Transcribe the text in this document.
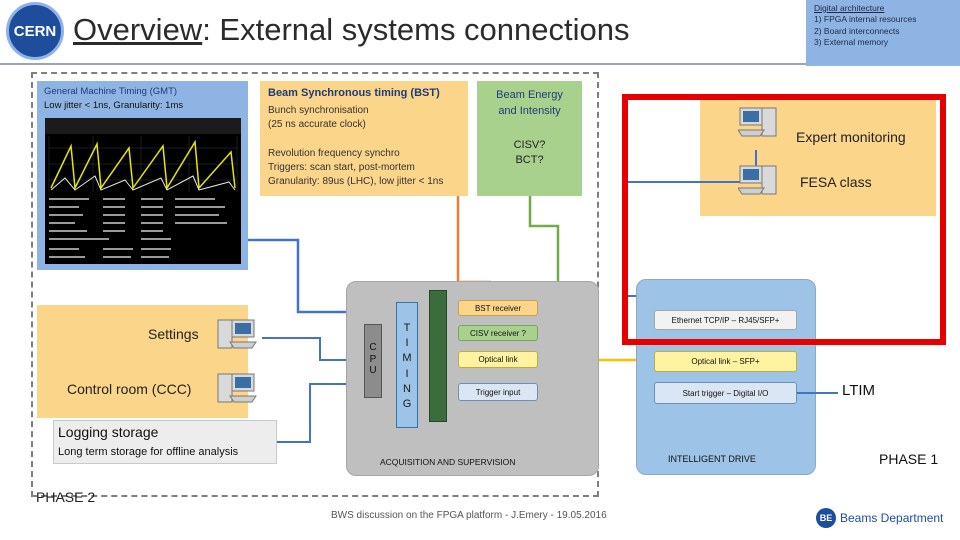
CERN Overview: External systems connections
Digital architecture
1) FPGA internal resources
2) Board interconnects
3) External memory
General Machine Timing (GMT)
Low jitter < 1ns, Granularity: 1ms
Beam Synchronous timing (BST)
Bunch synchronisation
(25 ns accurate clock)
Revolution frequency synchro
Triggers: scan start, post-mortem
Granularity: 89us (LHC), low jitter < 1ns
Beam Energy
and Intensity
CISV?
BCT?
Expert monitoring
FESA class
Settings
Control room (CCC)
Logging storage
Long term storage for offline analysis
PHASE 2
C
P
U
T
I
M
I
N
G
BST receiver
CISV receiver ?
Optical link
Trigger input
ACQUISITION AND SUPERVISION
Ethernet TCP/IP – RJ45/SFP+
Optical link – SFP+
Start trigger – Digital I/O
INTELLIGENT DRIVE
LTIM
PHASE 1
BWS discussion on the FPGA platform - J.Emery - 19.05.2016	BE Beams Department
